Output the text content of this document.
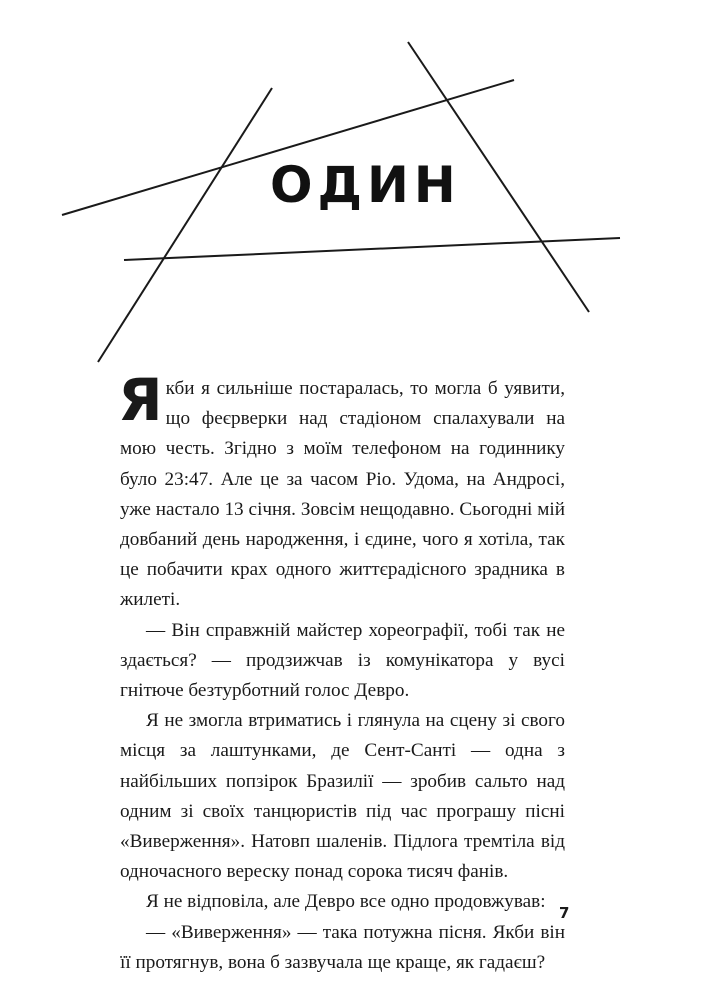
ОДИН

Якби я сильніше постаралась, то могла б уявити, що феєрверки над стадіоном спалахували на мою честь. Згідно з моїм телефоном на годиннику було 23:47. Але це за часом Ріо. Удома, на Андросі, уже настало 13 січня. Зовсім нещодавно. Сьогодні мій довбаний день народження, і єдине, чого я хотіла, так це побачити крах одного життєрадісного зрадника в жилеті.

— Він справжній майстер хореографії, тобі так не здається? — продзижчав із комунікатора у вусі гнітюче безтурботний голос Деврo.

Я не змогла втриматись і глянула на сцену зі свого місця за лаштунками, де Сент-Санті — одна з найбільших попзірок Бразилії — зробив сальто над одним зі своїх танцюристів під час програшу пісні «Виверження». Натовп шаленів. Підлога тремтіла від одночасного вереску понад сорока тисяч фанів.

Я не відповіла, але Деврo все одно продовжував:

— «Виверження» — така потужна пісня. Якби він її протягнув, вона б зазвучала ще краще, як гадаєш?

7
